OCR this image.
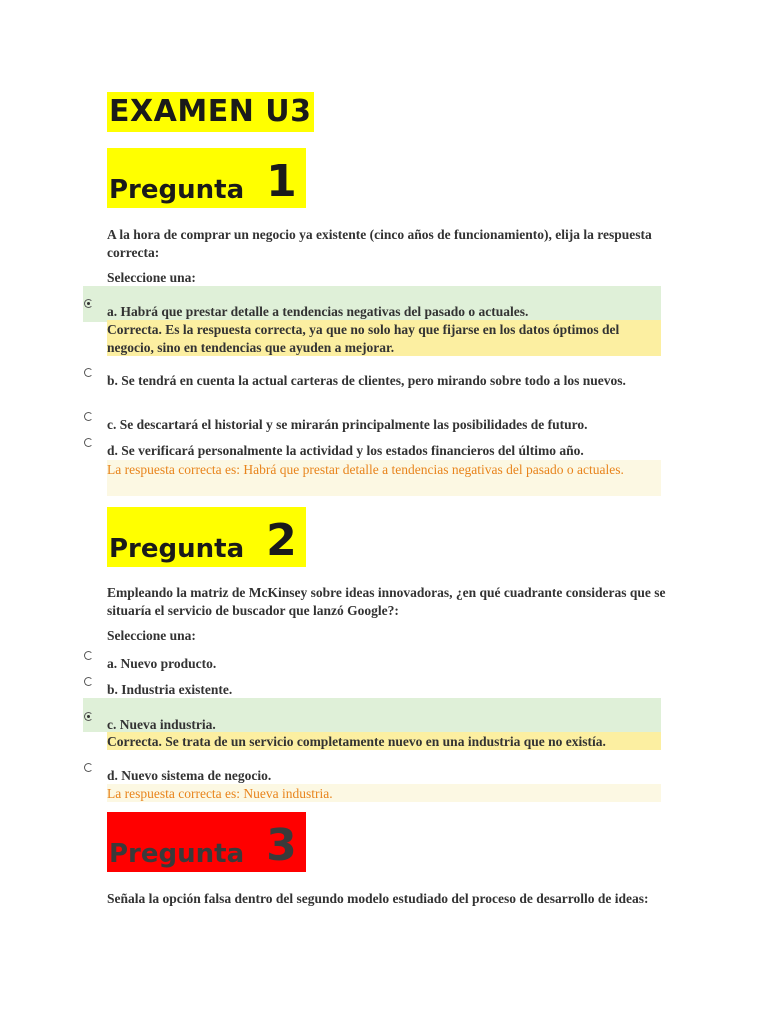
EXAMEN U3
Pregunta 1
A la hora de comprar un negocio ya existente (cinco años de funcionamiento), elija la respuesta correcta:
Seleccione una:
a. Habrá que prestar detalle a tendencias negativas del pasado o actuales.
Correcta. Es la respuesta correcta, ya que no solo hay que fijarse en los datos óptimos del negocio, sino en tendencias que ayuden a mejorar.
b. Se tendrá en cuenta la actual carteras de clientes, pero mirando sobre todo a los nuevos.
c. Se descartará el historial y se mirarán principalmente las posibilidades de futuro.
d. Se verificará personalmente la actividad y los estados financieros del último año.
La respuesta correcta es: Habrá que prestar detalle a tendencias negativas del pasado o actuales.
Pregunta 2
Empleando la matriz de McKinsey sobre ideas innovadoras, ¿en qué cuadrante consideras que se situaría el servicio de buscador que lanzó Google?:
Seleccione una:
a. Nuevo producto.
b. Industria existente.
c. Nueva industria.
Correcta. Se trata de un servicio completamente nuevo en una industria que no existía.
d. Nuevo sistema de negocio.
La respuesta correcta es: Nueva industria.
Pregunta 3
Señala la opción falsa dentro del segundo modelo estudiado del proceso de desarrollo de ideas:
